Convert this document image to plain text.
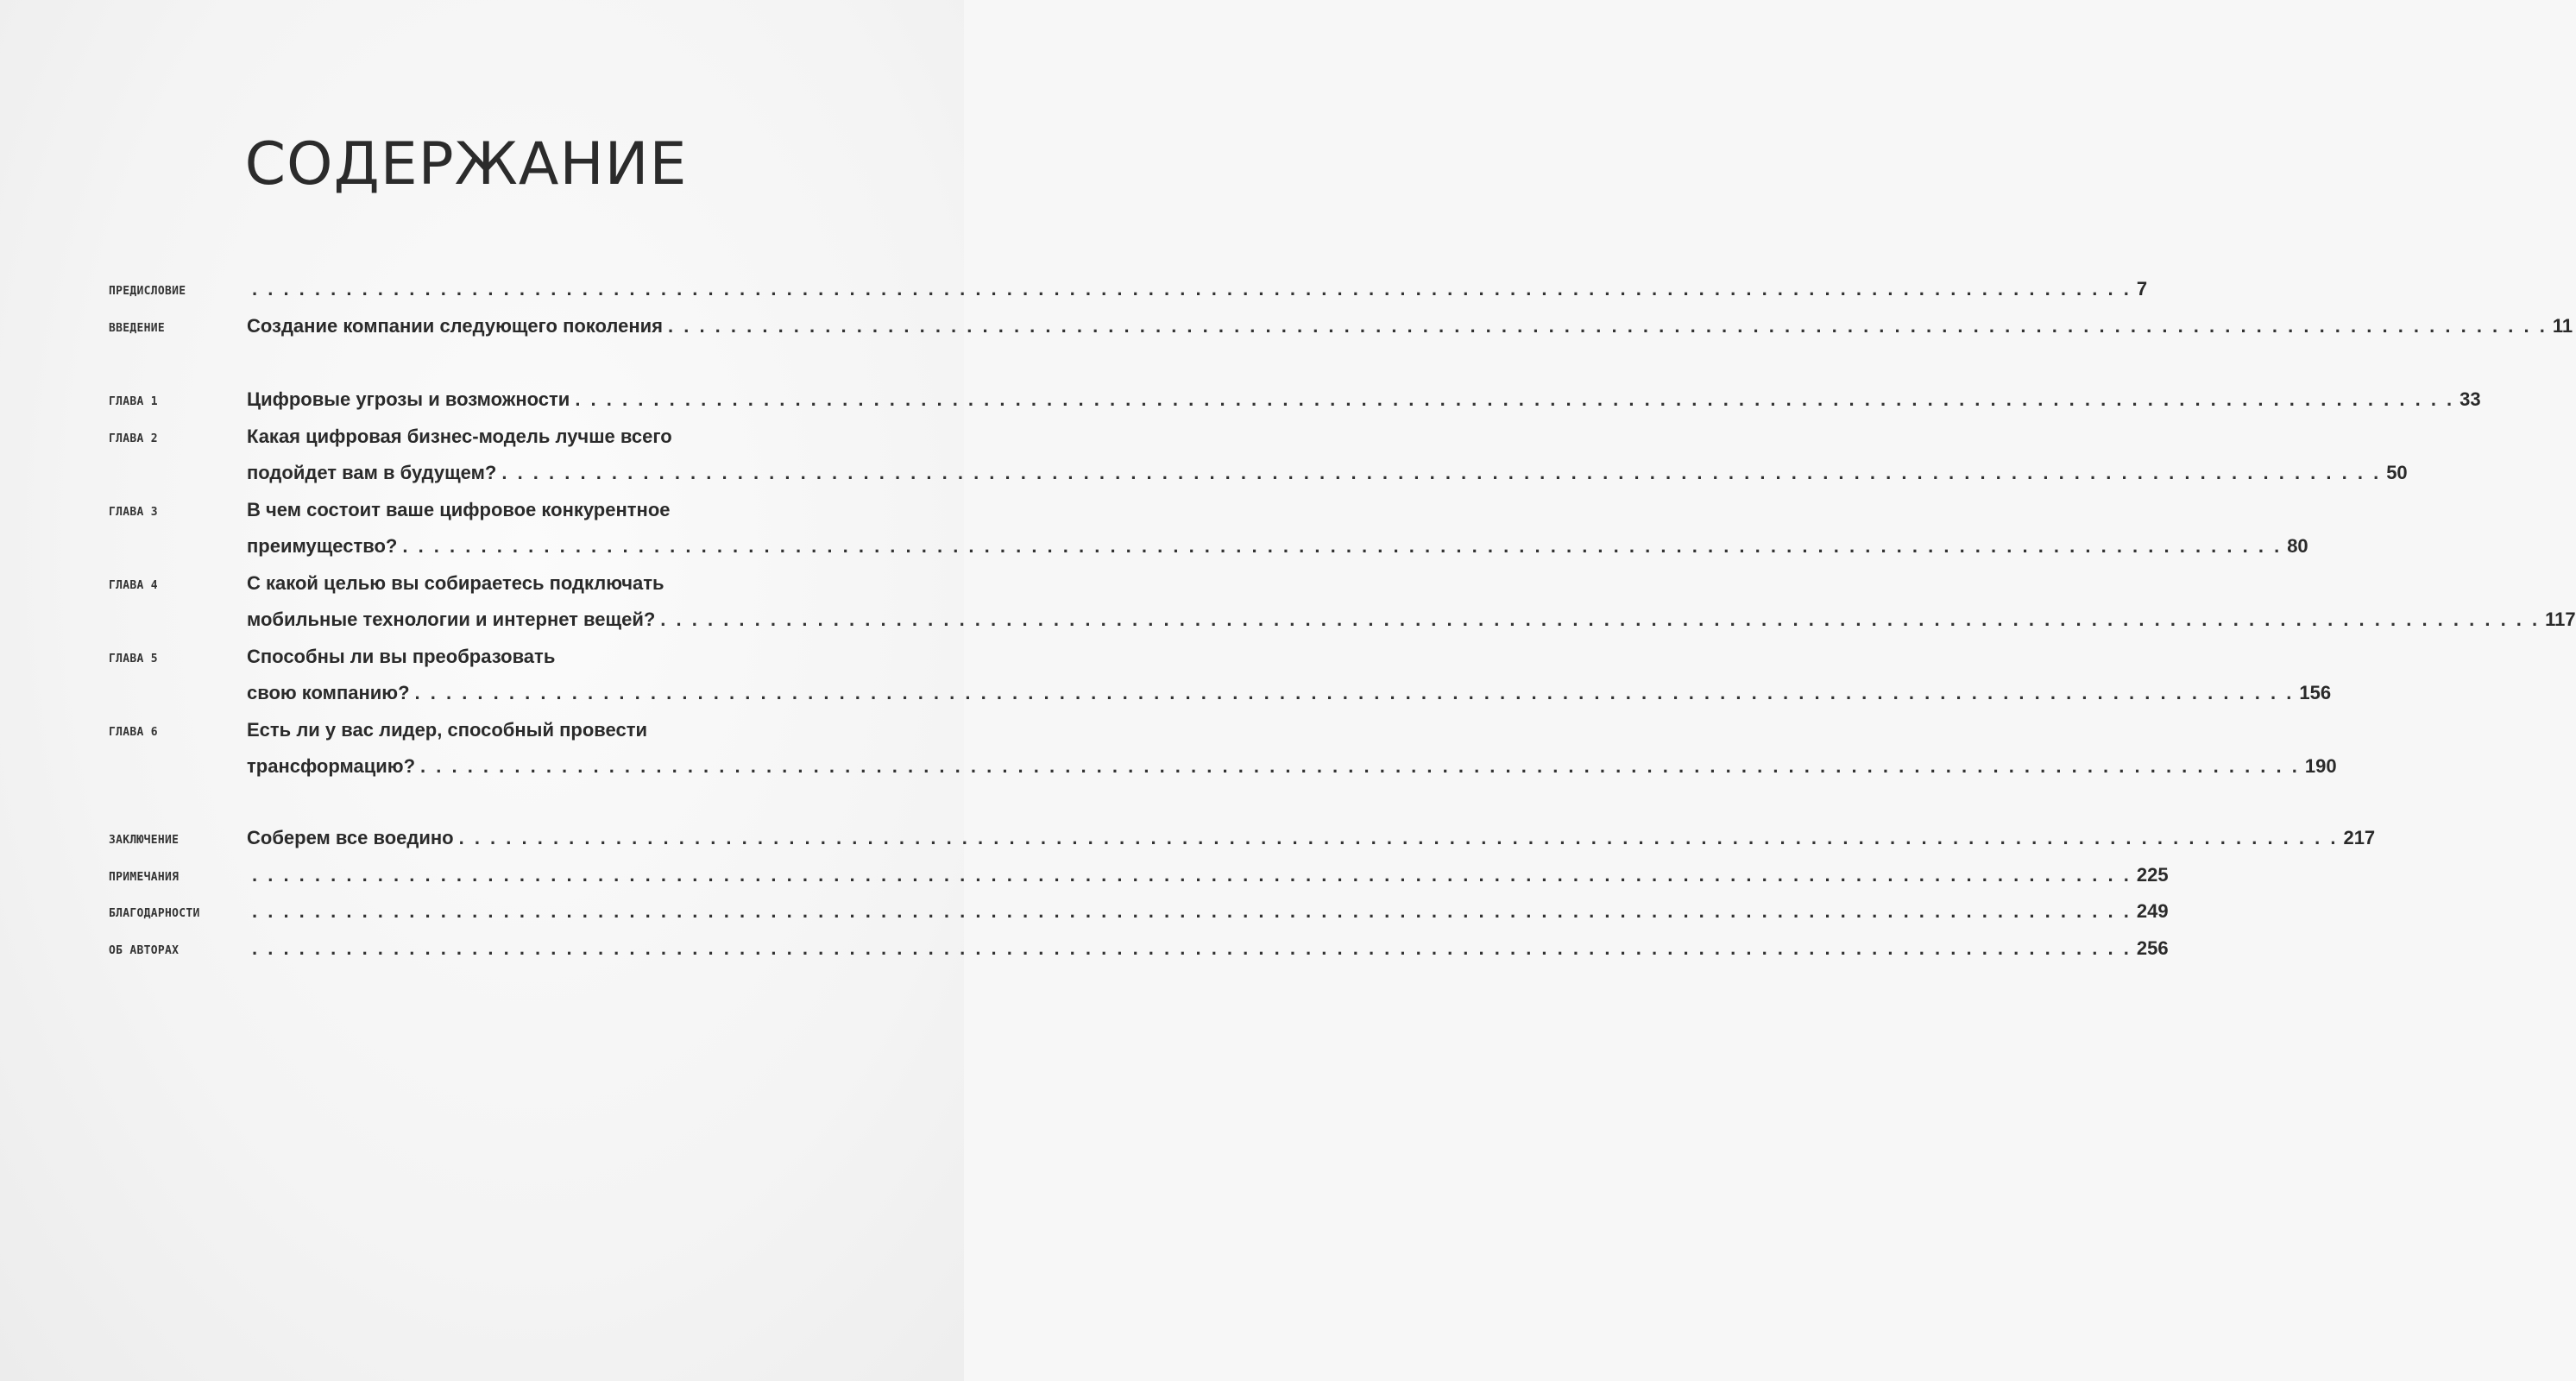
СОДЕРЖАНИЕ
ПРЕДИСЛОВИЕ	. . . . . . . . . . . . . . . . . . . . . . . . . . . . . . . . . . . . . . . . . . . . . . . . . . . . . . . . . . . . . . . . . . . . . . . . . . . . . . . . . . . . . . . . . . . . . . . . . . . . . . . . . . . . . . . . . . . . . . . . 7
ВВЕДЕНИЕ	Создание компании следующего поколения . . . . . . . . . . . . . . . . . . . . . . . . . . . . . . . . . . . . . . . . . . . . . . . . . . . . . . . . . . . . . . . . . . . . . . . . . . . . . . . . . . . . . . . . . . . . . . . . . . . . . . . . . . . . . . . . . . . . . . . . 11
ГЛАВА 1	Цифровые угрозы и возможности . . . . . . . . . . . . . . . . . . . . . . . . . . . . . . . . . . . . . . . . . . . . . . . . . . . . . . . . . . . . . . . . . . . . . . . . . . . . . . . . . . . . . . . . . . . . . . . . . . . . . . . . . . . . . . . . . . . . . . . . 33
ГЛАВА 2	Какая цифровая бизнес-модель лучше всего
подойдет вам в будущем? . . . . . . . . . . . . . . . . . . . . . . . . . . . . . . . . . . . . . . . . . . . . . . . . . . . . . . . . . . . . . . . . . . . . . . . . . . . . . . . . . . . . . . . . . . . . . . . . . . . . . . . . . . . . . . . . . . . . . . . . 50
ГЛАВА 3	В чем состоит ваше цифровое конкурентное
преимущество? . . . . . . . . . . . . . . . . . . . . . . . . . . . . . . . . . . . . . . . . . . . . . . . . . . . . . . . . . . . . . . . . . . . . . . . . . . . . . . . . . . . . . . . . . . . . . . . . . . . . . . . . . . . . . . . . . . . . . . . . 80
ГЛАВА 4	С какой целью вы собираетесь подключать
мобильные технологии и интернет вещей? . . . . . . . . . . . . . . . . . . . . . . . . . . . . . . . . . . . . . . . . . . . . . . . . . . . . . . . . . . . . . . . . . . . . . . . . . . . . . . . . . . . . . . . . . . . . . . . . . . . . . . . . . . . . . . . . . . . . . . . . 117
ГЛАВА 5	Способны ли вы преобразовать
свою компанию? . . . . . . . . . . . . . . . . . . . . . . . . . . . . . . . . . . . . . . . . . . . . . . . . . . . . . . . . . . . . . . . . . . . . . . . . . . . . . . . . . . . . . . . . . . . . . . . . . . . . . . . . . . . . . . . . . . . . . . . . 156
ГЛАВА 6	Есть ли у вас лидер, способный провести
трансформацию? . . . . . . . . . . . . . . . . . . . . . . . . . . . . . . . . . . . . . . . . . . . . . . . . . . . . . . . . . . . . . . . . . . . . . . . . . . . . . . . . . . . . . . . . . . . . . . . . . . . . . . . . . . . . . . . . . . . . . . . . 190
ЗАКЛЮЧЕНИЕ	Соберем все воедино . . . . . . . . . . . . . . . . . . . . . . . . . . . . . . . . . . . . . . . . . . . . . . . . . . . . . . . . . . . . . . . . . . . . . . . . . . . . . . . . . . . . . . . . . . . . . . . . . . . . . . . . . . . . . . . . . . . . . . . . 217
ПРИМЕЧАНИЯ	. . . . . . . . . . . . . . . . . . . . . . . . . . . . . . . . . . . . . . . . . . . . . . . . . . . . . . . . . . . . . . . . . . . . . . . . . . . . . . . . . . . . . . . . . . . . . . . . . . . . . . . . . . . . . . . . . . . . . . . . 225
БЛАГОДАРНОСТИ	. . . . . . . . . . . . . . . . . . . . . . . . . . . . . . . . . . . . . . . . . . . . . . . . . . . . . . . . . . . . . . . . . . . . . . . . . . . . . . . . . . . . . . . . . . . . . . . . . . . . . . . . . . . . . . . . . . . . . . . . 249
ОБ АВТОРАХ	. . . . . . . . . . . . . . . . . . . . . . . . . . . . . . . . . . . . . . . . . . . . . . . . . . . . . . . . . . . . . . . . . . . . . . . . . . . . . . . . . . . . . . . . . . . . . . . . . . . . . . . . . . . . . . . . . . . . . . . . 256
